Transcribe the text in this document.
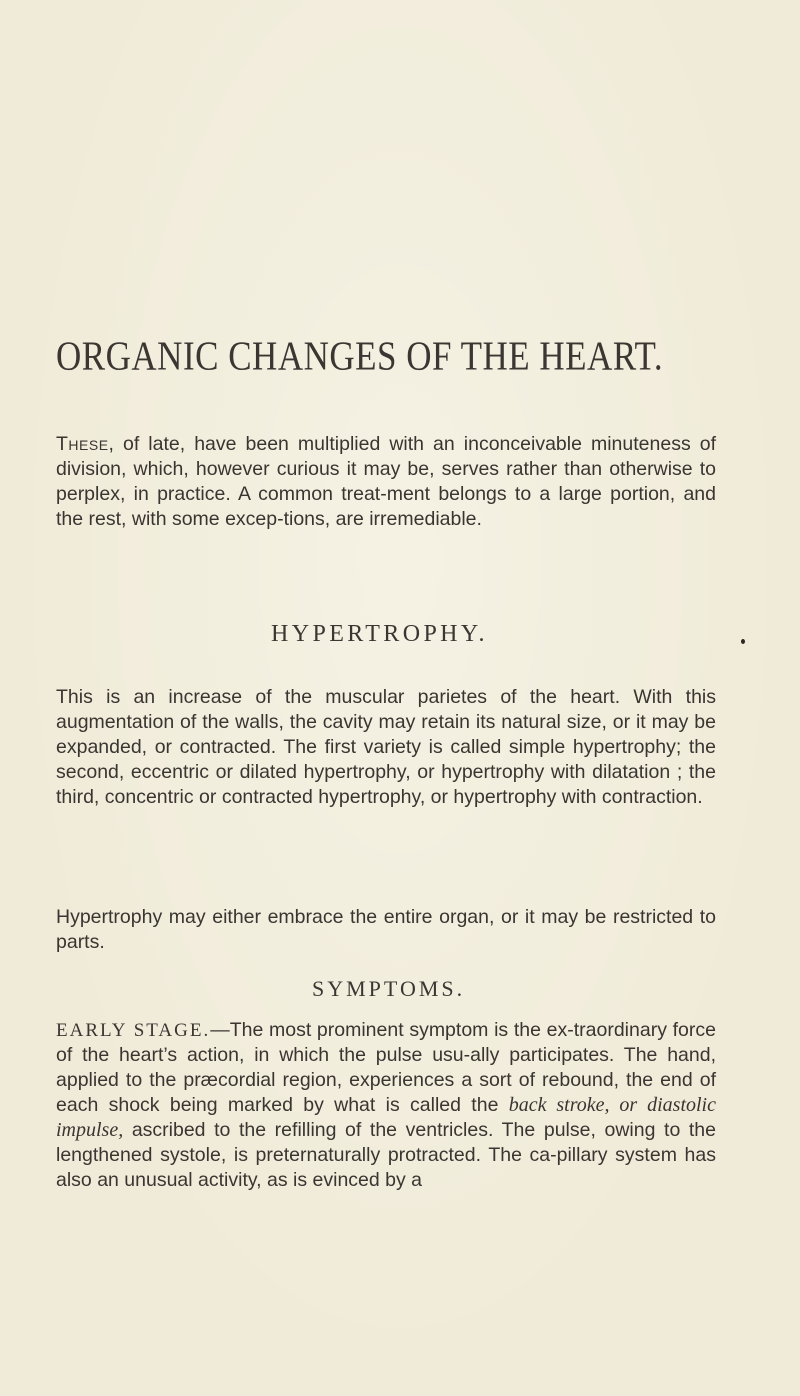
ORGANIC CHANGES OF THE HEART.

These, of late, have been multiplied with an inconceivable minuteness of division, which, however curious it may be, serves rather than otherwise to perplex, in practice. A common treat-ment belongs to a large portion, and the rest, with some excep-tions, are irremediable.

HYPERTROPHY.

This is an increase of the muscular parietes of the heart. With this augmentation of the walls, the cavity may retain its natural size, or it may be expanded, or contracted. The first variety is called simple hypertrophy; the second, eccentric or dilated hypertrophy, or hypertrophy with dilatation ; the third, concentric or contracted hypertrophy, or hypertrophy with contraction.

Hypertrophy may either embrace the entire organ, or it may be restricted to parts.

SYMPTOMS.

EARLY STAGE.—The most prominent symptom is the ex-traordinary force of the heart’s action, in which the pulse usu-ally participates. The hand, applied to the præcordial region, experiences a sort of rebound, the end of each shock being marked by what is called the back stroke, or diastolic impulse, ascribed to the refilling of the ventricles. The pulse, owing to the lengthened systole, is preternaturally protracted. The ca-pillary system has also an unusual activity, as is evinced by a
